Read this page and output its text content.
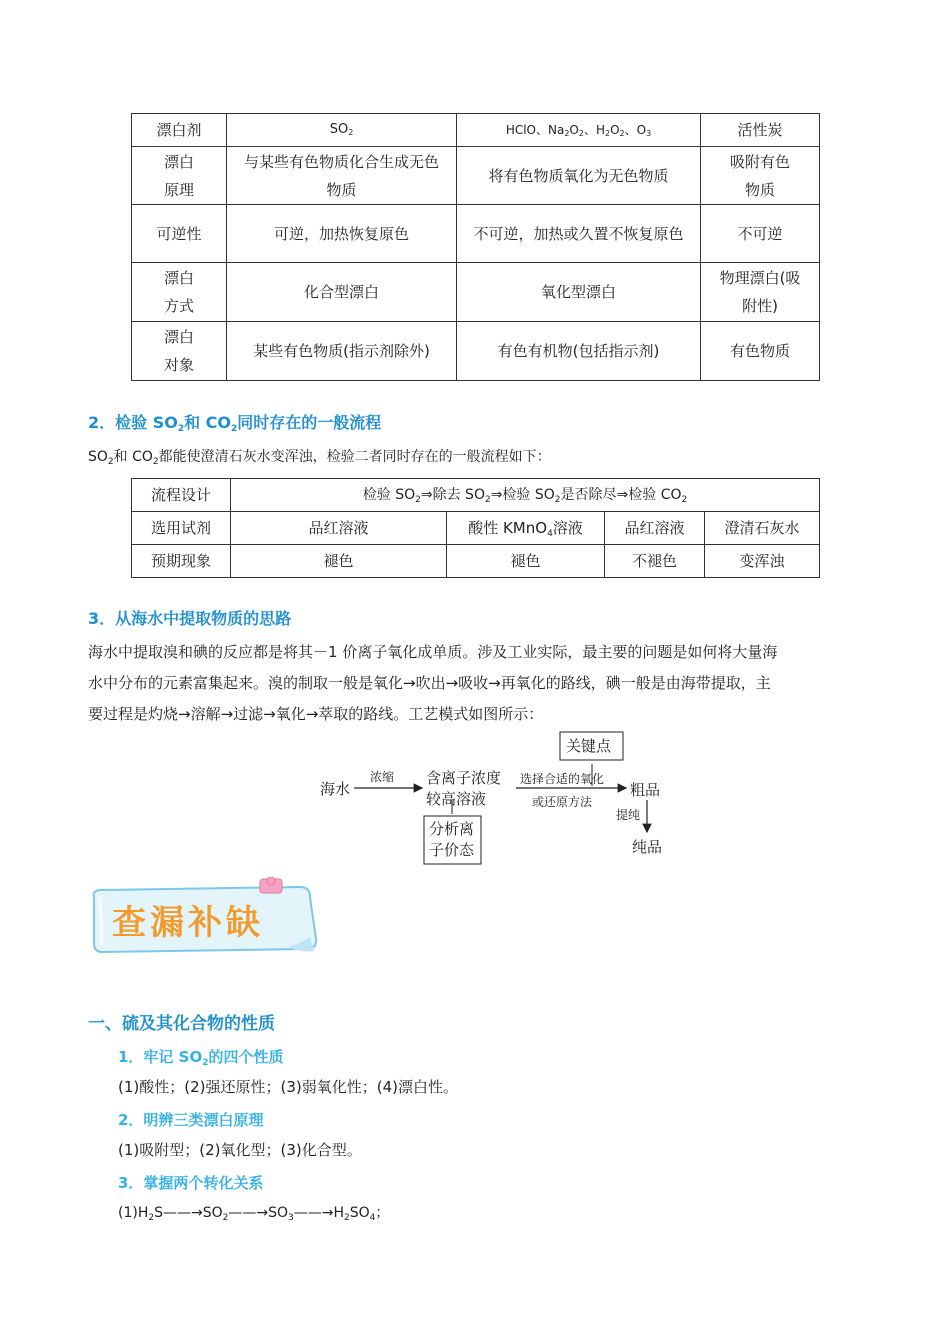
漂白剂	SO2	HClO、Na2O2、H2O2、O3	活性炭
漂白原理	与某些有色物质化合生成无色物质	将有色物质氧化为无色物质	吸附有色物质
可逆性	可逆，加热恢复原色	不可逆，加热或久置不恢复原色	不可逆
漂白方式	化合型漂白	氧化型漂白	物理漂白(吸附性)
漂白对象	某些有色物质(指示剂除外)	有色有机物(包括指示剂)	有色物质
2．检验 $SO_2$和 $CO_2$同时存在的一般流程
$SO_2$和 $CO_2$都能使澄清石灰水变浑浊，检验二者同时存在的一般流程如下：
流程设计	检验 $SO_2\Rightarrow$除去 $SO_2\Rightarrow$检验 $SO_2$是否除尽⇒检验 $CO_2$
选用试剂	品红溶液	酸性 KMnO$_4$溶液	品红溶液	澄清石灰水
预期现象	褪色	褪色	不褪色	变浑浊
3．从海水中提取物质的思路
海水中提取溴和碘的反应都是将其－1 价离子氧化成单质。涉及工业实际，最主要的问题是如何将大量海
水中分布的元素富集起来。溴的制取一般是氧化→吹出→吸收→再氧化的路线，碘一般是由海带提取，主
要过程是灼烧→溶解→过滤→氧化→萃取的路线。工艺模式如图所示：
海水
浓缩 含离子浓度
较高溶液
选择合适的氧化
或还原方法
粗品
提纯
纯品
关键点
分析离
子价态
查漏补缺
一、硫及其化合物的性质
1．牢记 $SO_2$的四个性质
(1)酸性；(2)强还原性；(3)弱氧化性；(4)漂白性。
2．明辨三类漂白原理
(1)吸附型；(2)氧化型；(3)化合型。
3．掌握两个转化关系
$(1)H_2S——\to SO_2——\to SO_3——\to H_2SO_4$；
